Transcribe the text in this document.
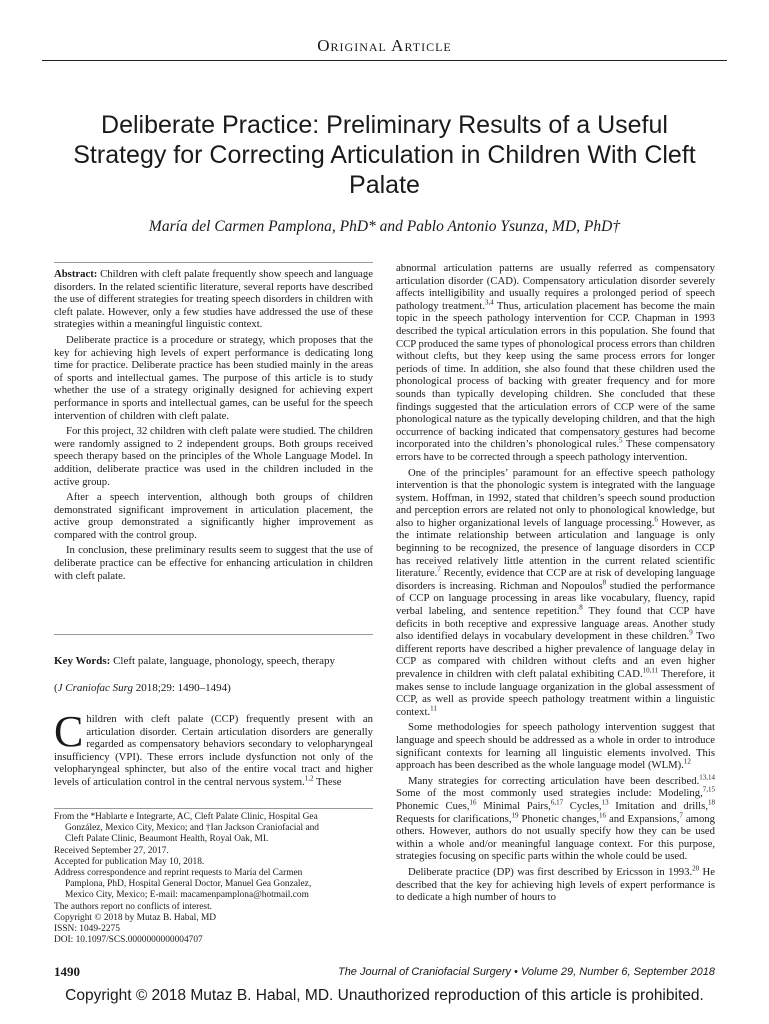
Original Article
Deliberate Practice: Preliminary Results of a Useful Strategy for Correcting Articulation in Children With Cleft Palate
María del Carmen Pamplona, PhD* and Pablo Antonio Ysunza, MD, PhD†

Abstract: Children with cleft palate frequently show speech and language disorders. In the related scientific literature, several reports have described the use of different strategies for treating speech disorders in children with cleft palate. However, only a few studies have addressed the use of these strategies within a meaningful linguistic context.

Deliberate practice is a procedure or strategy, which proposes that the key for achieving high levels of expert performance is dedicating long time for practice. Deliberate practice has been studied mainly in the areas of sports and intellectual games. The purpose of this article is to study whether the use of a strategy originally designed for achieving expert performance in sports and intellectual games, can be useful for the speech intervention of children with cleft palate.

For this project, 32 children with cleft palate were studied. The children were randomly assigned to 2 independent groups. Both groups received speech therapy based on the principles of the Whole Language Model. In addition, deliberate practice was used in the children included in the active group.

After a speech intervention, although both groups of children demonstrated significant improvement in articulation placement, the active group demonstrated a significantly higher improvement as compared with the control group.

In conclusion, these preliminary results seem to suggest that the use of deliberate practice can be effective for enhancing articulation in children with cleft palate.

Key Words: Cleft palate, language, phonology, speech, therapy
(J Craniofac Surg 2018;29: 1490–1494)

Children with cleft palate (CCP) frequently present with an articulation disorder. Certain articulation disorders are generally regarded as compensatory behaviors secondary to velopharyngeal insufficiency (VPI). These errors include dysfunction not only of the velopharyngeal sphincter, but also of the entire vocal tract and higher levels of articulation control in the central nervous system.$^{1,2}$ These

From the *Hablarte e Integrarte, AC, Cleft Palate Clinic, Hospital Gea
González, Mexico City, Mexico; and †Ian Jackson Craniofacial and
Cleft Palate Clinic, Beaumont Health, Royal Oak, MI.
Received September 27, 2017.
Accepted for publication May 10, 2018.
Address correspondence and reprint requests to María del Carmen
Pamplona, PhD, Hospital General Doctor, Manuel Gea Gonzalez,
Mexico City, Mexico; E-mail: macamenpamplona@hotmail.com
The authors report no conflicts of interest.
Copyright © 2018 by Mutaz B. Habal, MD
ISSN: 1049-2275
DOI: 10.1097/SCS.0000000000004707

abnormal articulation patterns are usually referred as compensatory articulation disorder (CAD). Compensatory articulation disorder severely affects intelligibility and usually requires a prolonged period of speech pathology treatment.$^{3,4}$ Thus, articulation placement has become the main topic in the speech pathology intervention for CCP. Chapman in 1993 described the typical articulation errors in this population. She found that CCP produced the same types of phonological process errors than children without clefts, but they keep using the same process errors for longer periods of time. In addition, she also found that these children used the phonological process of backing with greater frequency and for more sounds than typically developing children. She concluded that these findings suggested that the articulation errors of CCP were of the same phonological nature as the typically developing children, and that the high occurrence of backing indicated that compensatory gestures had become incorporated into the children’s phonological rules.$^5$ These compensatory errors have to be corrected through a speech pathology intervention.

One of the principles’ paramount for an effective speech pathology intervention is that the phonologic system is integrated with the language system. Hoffman, in 1992, stated that children’s speech sound production and perception errors are related not only to phonological knowledge, but also to higher organizational levels of language processing.$^6$ However, as the intimate relationship between articulation and language is only beginning to be recognized, the presence of language disorders in CCP has received relatively little attention in the current related scientific literature.$^7$ Recently, evidence that CCP are at risk of developing language disorders is increasing. Richman and Nopoulos$^8$ studied the performance of CCP on language processing in areas like vocabulary, fluency, rapid verbal labeling, and sentence repetition.$^8$ They found that CCP have deficits in both receptive and expressive language areas. Another study also identified delays in vocabulary development in these children.$^9$ Two different reports have described a higher prevalence of language delay in CCP as compared with children without clefts and an even higher prevalence in children with cleft palatal exhibiting CAD.$^{10,11}$ Therefore, it makes sense to include language organization in the global assessment of CCP, as well as provide speech pathology treatment within a linguistic context.$^{11}$

Some methodologies for speech pathology intervention suggest that language and speech should be addressed as a whole in order to introduce significant contexts for learning all linguistic elements involved. This approach has been described as the whole language model (WLM).$^{12}$

Many strategies for correcting articulation have been described.$^{13,14}$ Some of the most commonly used strategies include: Modeling,$^{7,15}$ Phonemic Cues,$^{16}$ Minimal Pairs,$^{6,17}$ Cycles,$^{13}$ Imitation and drills,$^{18}$ Requests for clarifications,$^{19}$ Phonetic changes,$^{16}$ and Expansions,$^7$ among others. However, authors do not usually specify how they can be used within a whole and/or meaningful language context. For this purpose, strategies focusing on specific parts within the whole could be used.

Deliberate practice (DP) was first described by Ericsson in 1993.20 He described that the key for achieving high levels of expert performance is to dedicate a high number of hours to

1490	The Journal of Craniofacial Surgery • Volume 29, Number 6, September 2018
Copyright © 2018 Mutaz B. Habal, MD. Unauthorized reproduction of this article is prohibited.
